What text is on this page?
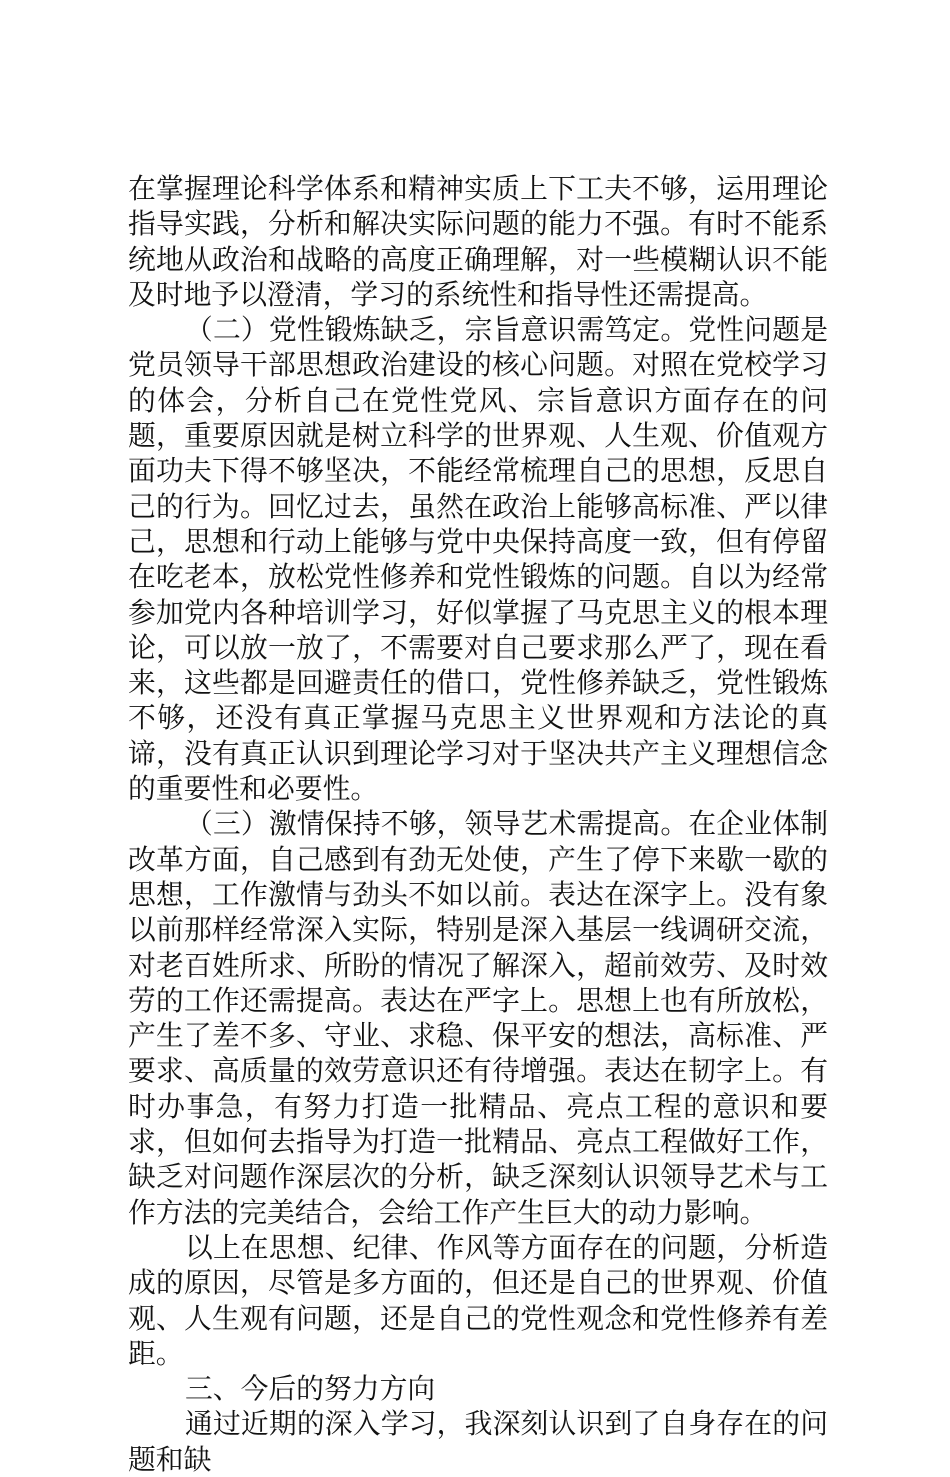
在掌握理论科学体系和精神实质上下工夫不够，运用理论指导实践，分析和解决实际问题的能力不强。有时不能系统地从政治和战略的高度正确理解，对一些模糊认识不能及时地予以澄清，学习的系统性和指导性还需提高。

（二）党性锻炼缺乏，宗旨意识需笃定。党性问题是党员领导干部思想政治建设的核心问题。对照在党校学习的体会，分析自己在党性党风、宗旨意识方面存在的问题，重要原因就是树立科学的世界观、人生观、价值观方面功夫下得不够坚决，不能经常梳理自己的思想，反思自己的行为。回忆过去，虽然在政治上能够高标准、严以律己，思想和行动上能够与党中央保持高度一致，但有停留在吃老本，放松党性修养和党性锻炼的问题。自以为经常参加党内各种培训学习，好似掌握了马克思主义的根本理论，可以放一放了，不需要对自己要求那么严了，现在看来，这些都是回避责任的借口，党性修养缺乏，党性锻炼不够，还没有真正掌握马克思主义世界观和方法论的真谛，没有真正认识到理论学习对于坚决共产主义理想信念的重要性和必要性。

（三）激情保持不够，领导艺术需提高。在企业体制改革方面，自己感到有劲无处使，产生了停下来歇一歇的思想，工作激情与劲头不如以前。表达在深字上。没有象以前那样经常深入实际，特别是深入基层一线调研交流，对老百姓所求、所盼的情况了解深入，超前效劳、及时效劳的工作还需提高。表达在严字上。思想上也有所放松，产生了差不多、守业、求稳、保平安的想法，高标准、严要求、高质量的效劳意识还有待增强。表达在韧字上。有时办事急，有努力打造一批精品、亮点工程的意识和要求，但如何去指导为打造一批精品、亮点工程做好工作，缺乏对问题作深层次的分析，缺乏深刻认识领导艺术与工作方法的完美结合，会给工作产生巨大的动力影响。

以上在思想、纪律、作风等方面存在的问题，分析造成的原因，尽管是多方面的，但还是自己的世界观、价值观、人生观有问题，还是自己的党性观念和党性修养有差距。

三、今后的努力方向

通过近期的深入学习，我深刻认识到了自身存在的问题和缺
